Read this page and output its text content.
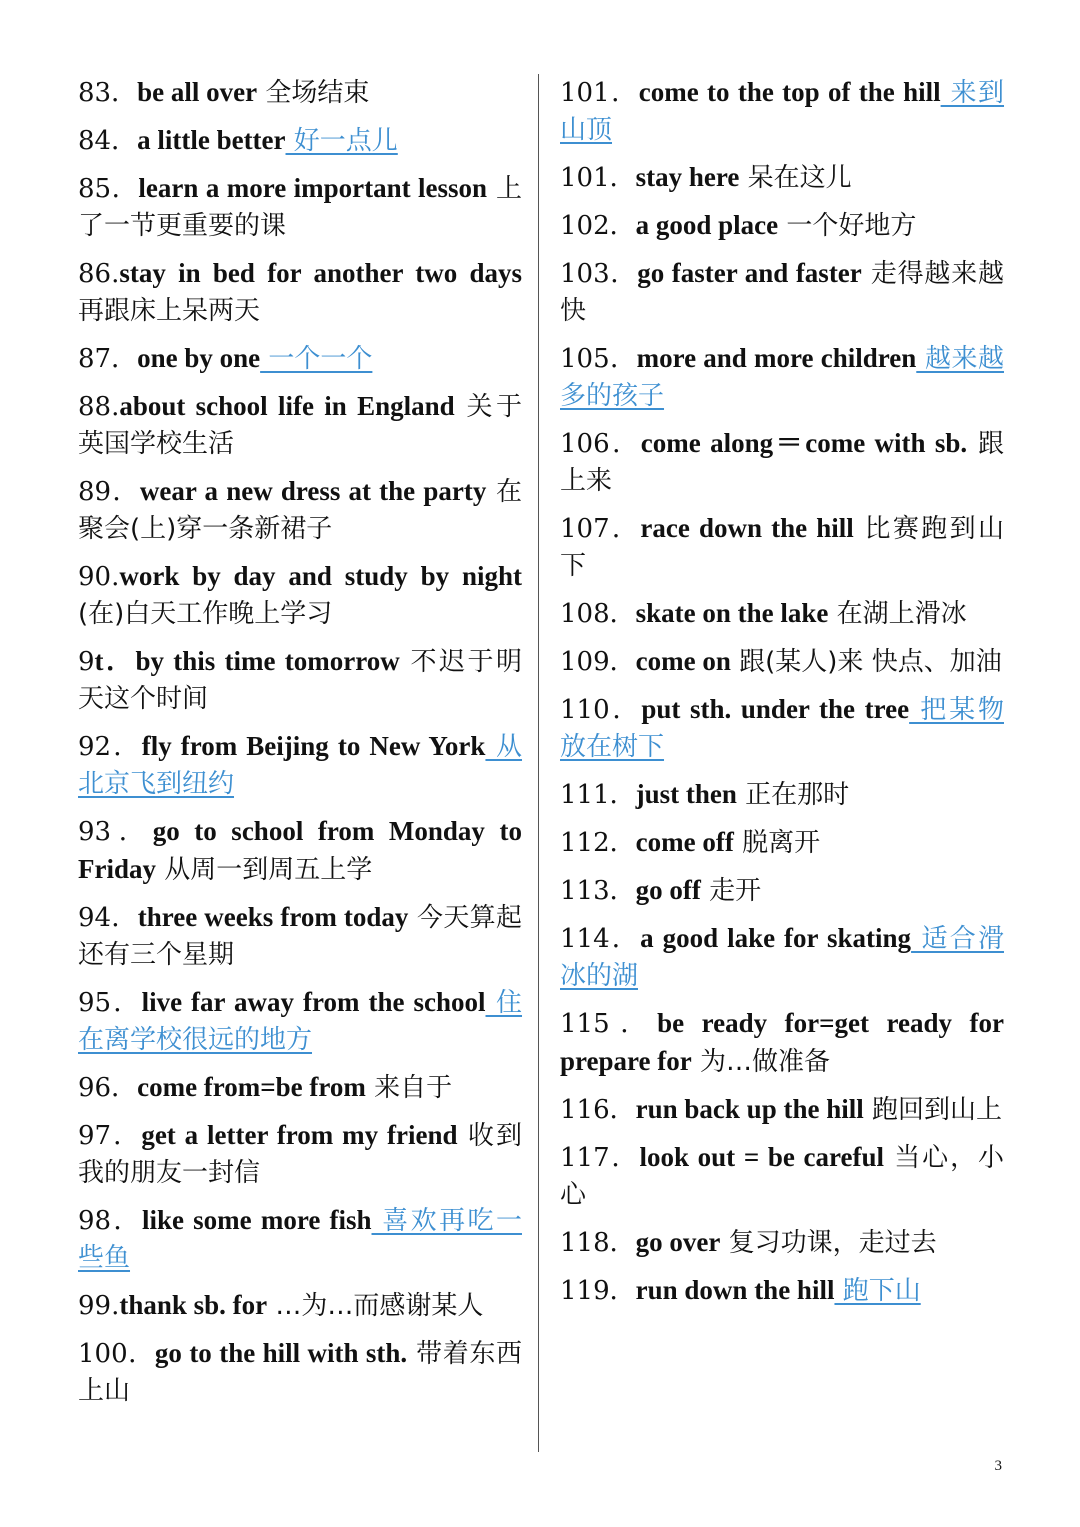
83．be all over 全场结束
84．a little better 好一点儿
85．learn a more important lesson 上了一节更重要的课
86.stay in bed for another two days 再跟床上呆两天
87．one by one 一个一个
88.about school life in England 关于英国学校生活
89．wear a new dress at the party 在聚会(上)穿一条新裙子
90.work by day and study by night (在)白天工作晚上学习
9t．by this time tomorrow 不迟于明天这个时间
92．fly from Beijing to New York 从北京飞到纽约
93．go to school from Monday to Friday 从周一到周五上学
94．three weeks from today 今天算起还有三个星期
95．live far away from the school 住在离学校很远的地方
96．come from=be from 来自于
97．get a letter from my friend 收到我的朋友一封信
98．like some more fish 喜欢再吃一些鱼
99.thank sb. for …为…而感谢某人
100．go to the hill with sth. 带着东西上山
101．come to the top of the hill 来到山顶
101．stay here 呆在这儿
102．a good place 一个好地方
103．go faster and faster 走得越来越快
105．more and more children 越来越多的孩子
106．come along＝come with sb. 跟上来
107．race down the hill 比赛跑到山下
108．skate on the lake 在湖上滑冰
109．come on 跟(某人)来 快点、加油
110．put sth. under the tree 把某物放在树下
111．just then 正在那时
112．come off 脱离开
113．go off 走开
114．a good lake for skating 适合滑冰的湖
115．be ready for=get ready for prepare for 为…做准备
116．run back up the hill 跑回到山上
117．look out = be careful 当心，小心
118．go over 复习功课，走过去
119．run down the hill 跑下山
3
